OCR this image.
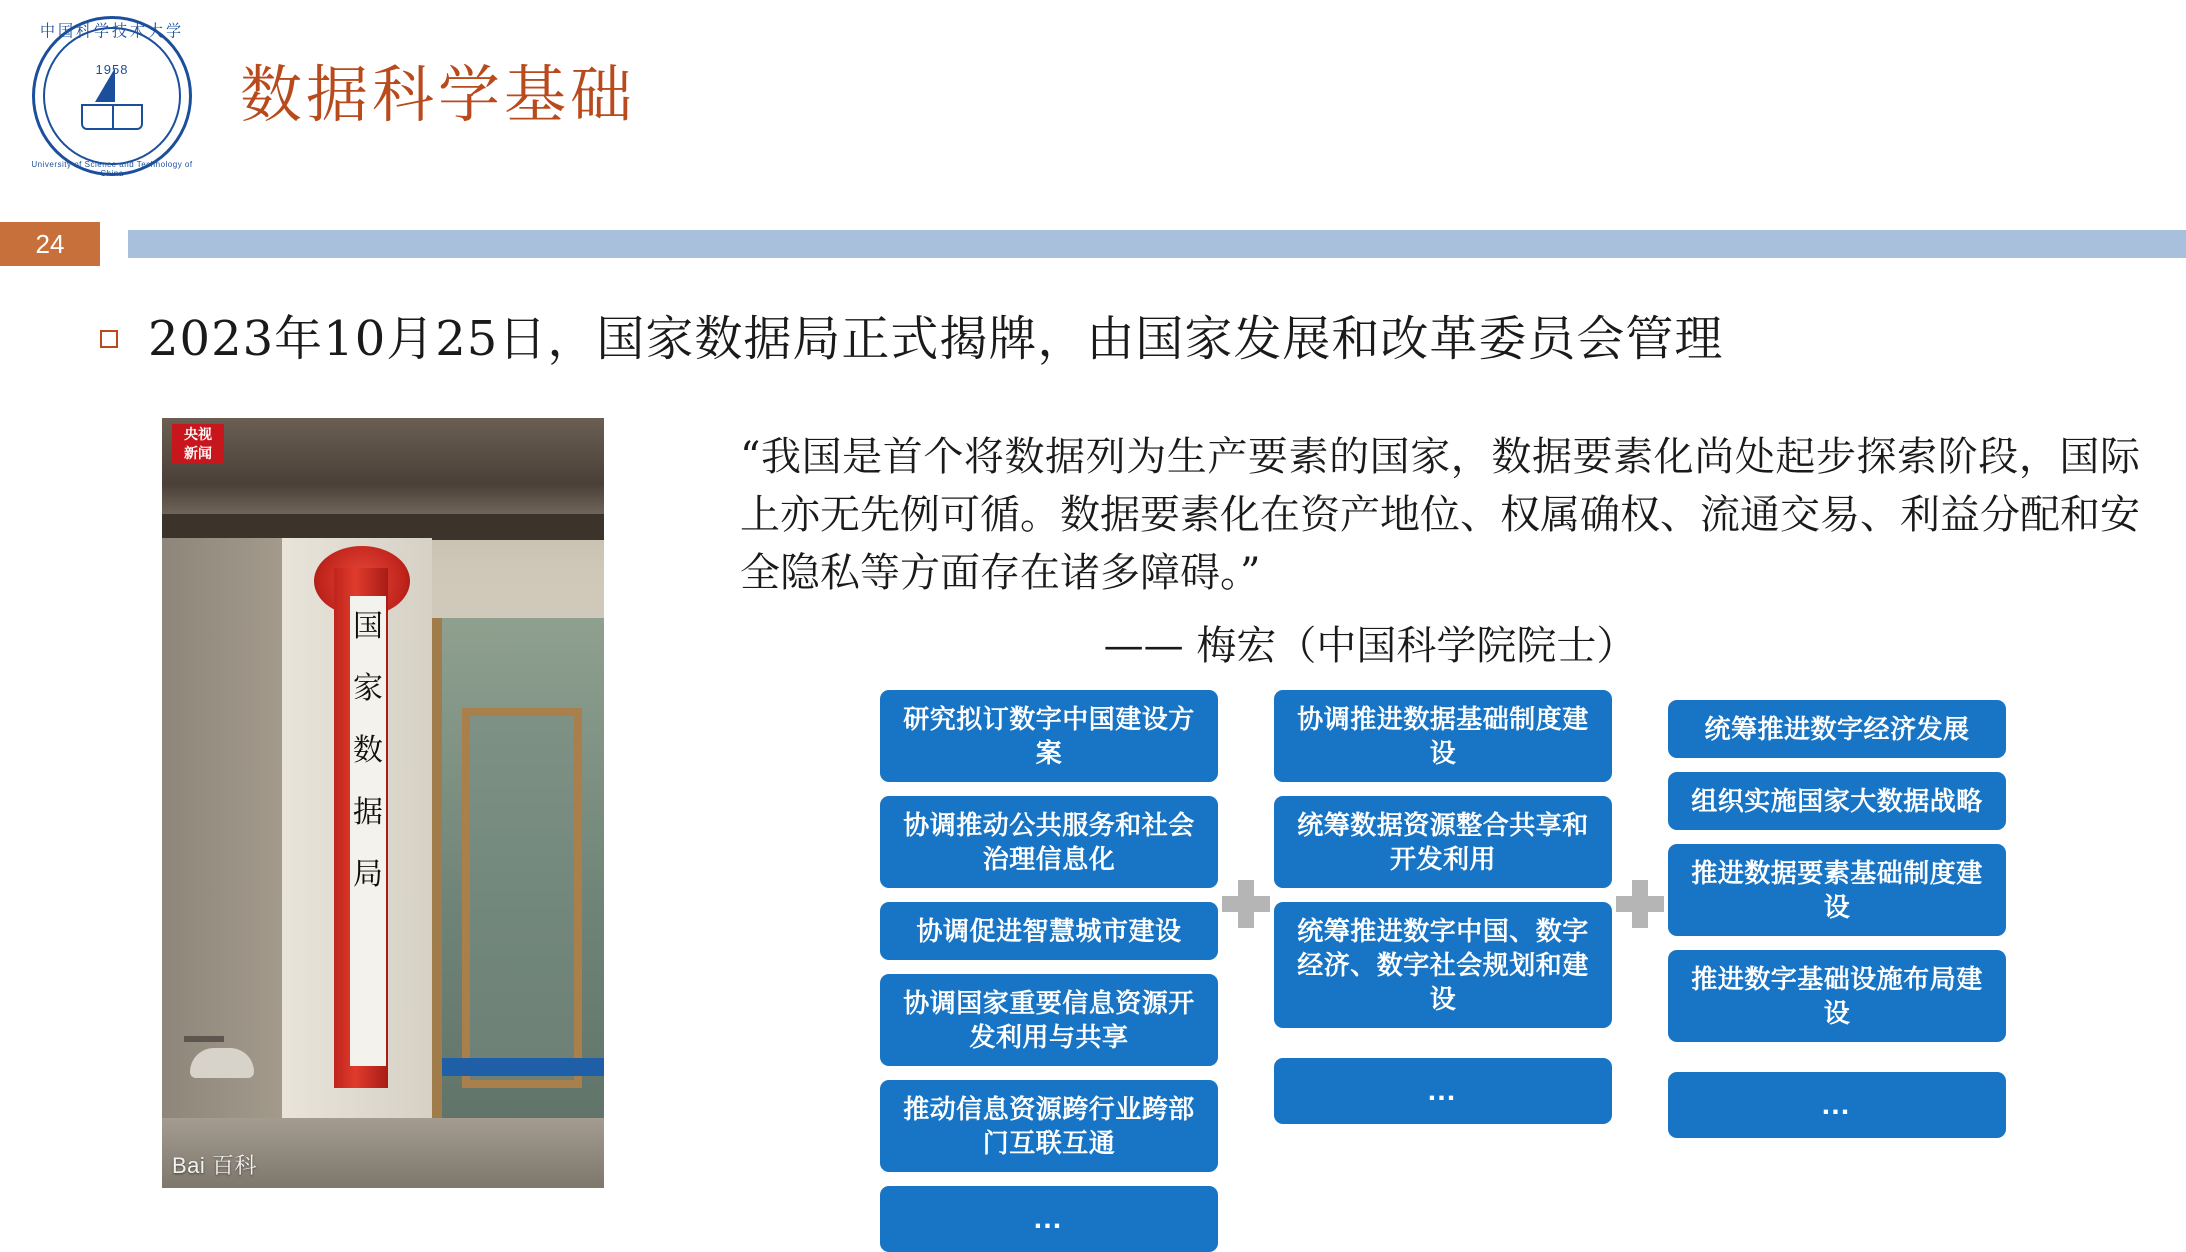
中国科学技术大学
1958
University of Science and Technology of China
数据科学基础
24
2023年10月25日，国家数据局正式揭牌，由国家发展和改革委员会管理
国
家
数
据
局
央视
新闻
Bai 百科
“我国是首个将数据列为生产要素的国家，数据要素化尚处起步探索阶段，国际上亦无先例可循。数据要素化在资产地位、权属确权、流通交易、利益分配和安全隐私等方面存在诸多障碍。”
—— 梅宏（中国科学院院士）
研究拟订数字中国建设方案
协调推动公共服务和社会治理信息化
协调促进智慧城市建设
协调国家重要信息资源开发利用与共享
推动信息资源跨行业跨部门互联互通
…
协调推进数据基础制度建设
统筹数据资源整合共享和开发利用
统筹推进数字中国、数字经济、数字社会规划和建设
…
统筹推进数字经济发展
组织实施国家大数据战略
推进数据要素基础制度建设
推进数字基础设施布局建设
…
